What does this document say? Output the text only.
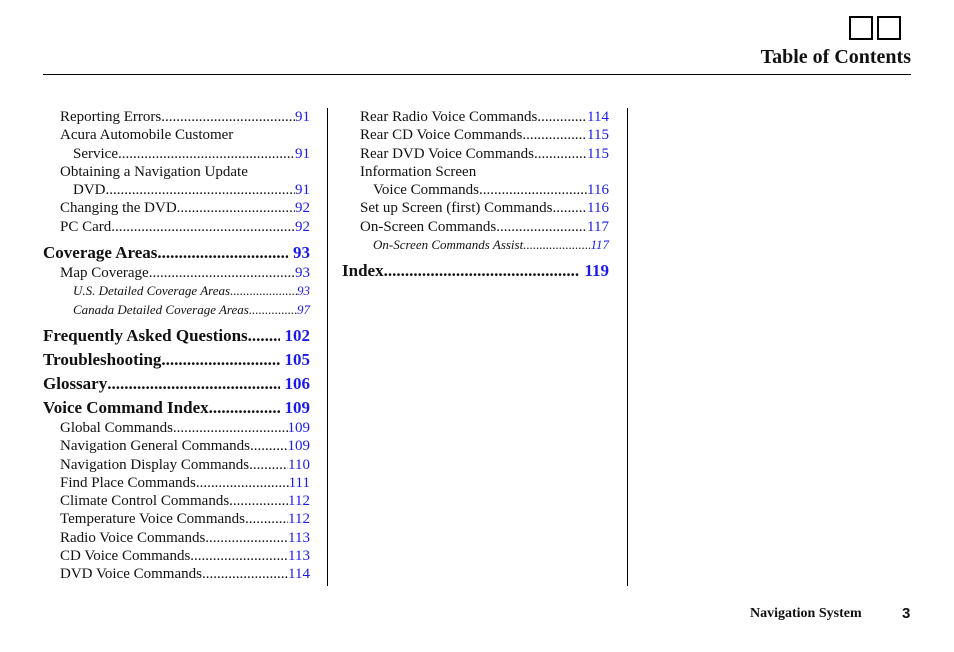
Table of Contents
Reporting Errors .....	91
Acura Automobile Customer
Service .....	91
Obtaining a Navigation Update
DVD .....	91
Changing the DVD .....	92
PC Card .....	92
Coverage Areas .....	93
Map Coverage .....	93
U.S. Detailed Coverage Areas .....	93
Canada Detailed Coverage Areas .....	97
Frequently Asked Questions ..... 102
Troubleshooting .....	105
Glossary .....	106
Voice Command Index .....	109
Global Commands .....	109
Navigation General Commands .....	109
Navigation Display Commands .....	110
Find Place Commands .....	111
Climate Control Commands .....	112
Temperature Voice Commands .....	112
Radio Voice Commands .....	113
CD Voice Commands .....	113
DVD Voice Commands .....	114
Rear Radio Voice Commands .....	114
Rear CD Voice Commands .....	115
Rear DVD Voice Commands .....	115
Information Screen
Voice Commands .....	116
Set up Screen (first) Commands ..... 116
On-Screen Commands .....	117
On-Screen Commands Assist .....	117
Index .....	119
Navigation System	3
